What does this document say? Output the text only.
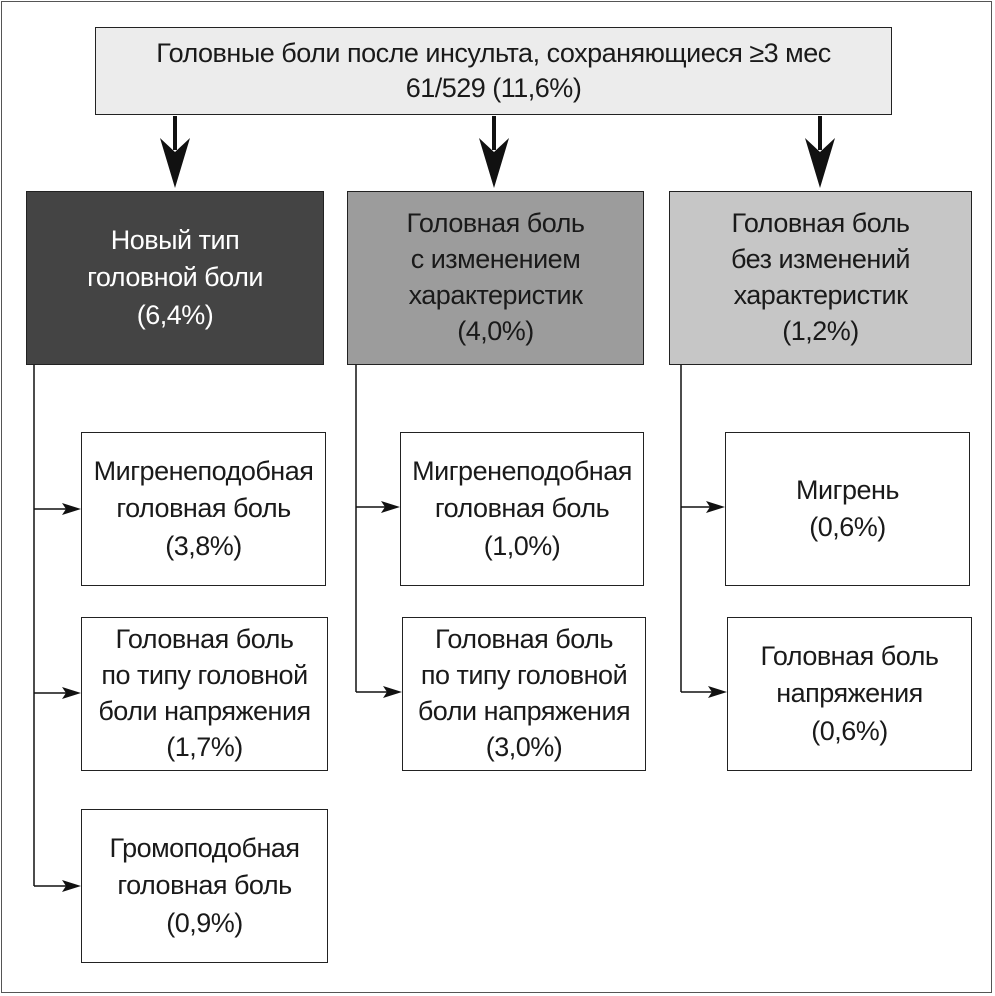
Головные боли после инсульта, сохраняющиеся ≥3 мес
61/529 (11,6%)
Новый тип
головной боли
(6,4%)
Головная боль
с изменением
характеристик
(4,0%)
Головная боль
без изменений
характеристик
(1,2%)
Мигренеподобная
головная боль
(3,8%)
Головная боль
по типу головной
боли напряжения
(1,7%)
Громоподобная
головная боль
(0,9%)
Мигренеподобная
головная боль
(1,0%)
Головная боль
по типу головной
боли напряжения
(3,0%)
Мигрень
(0,6%)
Головная боль
напряжения
(0,6%)
